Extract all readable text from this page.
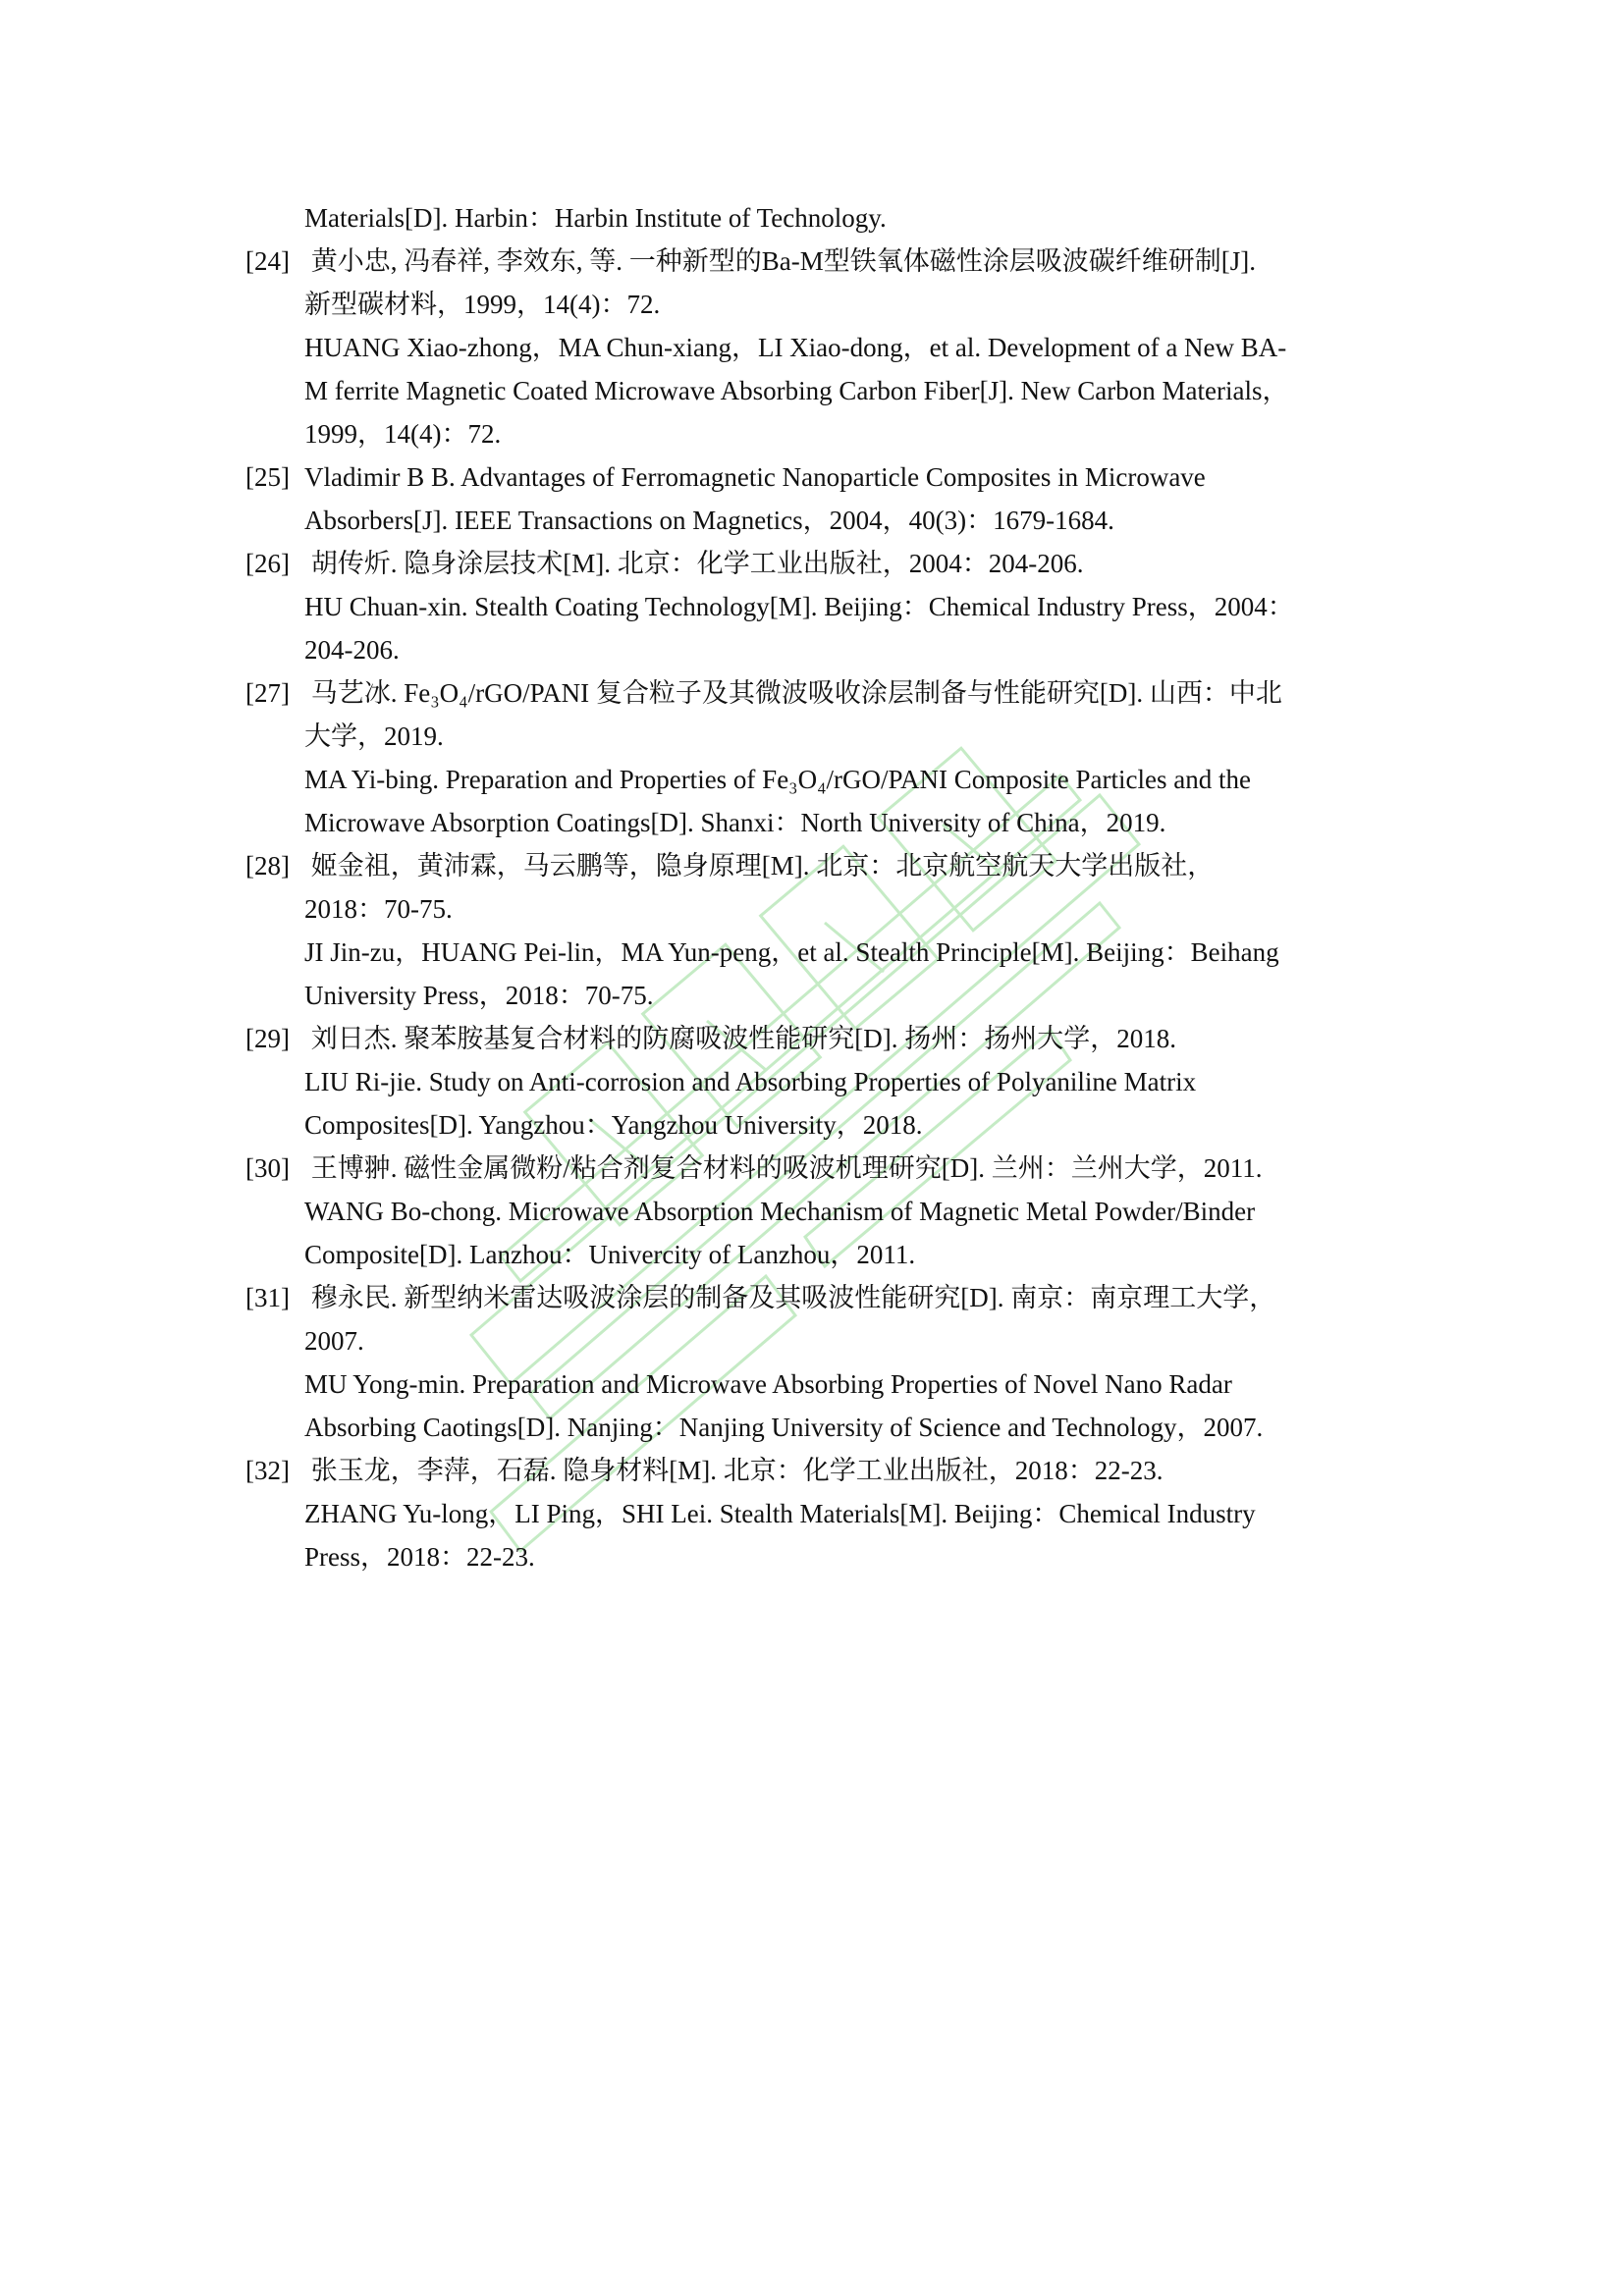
Materials[D]. Harbin：Harbin Institute of Technology.
[24] 黄小忠, 冯春祥, 李效东, 等. 一种新型的Ba-M型铁氧体磁性涂层吸波碳纤维研制[J].
新型碳材料，1999，14(4)：72.
HUANG Xiao-zhong，MA Chun-xiang，LI Xiao-dong，et al. Development of a New BA-
M ferrite Magnetic Coated Microwave Absorbing Carbon Fiber[J]. New Carbon Materials，
1999，14(4)：72.
[25] Vladimir B B. Advantages of Ferromagnetic Nanoparticle Composites in Microwave
Absorbers[J]. IEEE Transactions on Magnetics，2004，40(3)：1679-1684.
[26] 胡传炘. 隐身涂层技术[M]. 北京：化学工业出版社，2004：204-206.
HU Chuan-xin. Stealth Coating Technology[M]. Beijing：Chemical Industry Press，2004：
204-206.
[27] 马艺冰. Fe₃O₄/rGO/PANI 复合粒子及其微波吸收涂层制备与性能研究[D]. 山西：中北
大学，2019.
MA Yi-bing. Preparation and Properties of Fe₃O₄/rGO/PANI Composite Particles and the
Microwave Absorption Coatings[D]. Shanxi：North University of China，2019.
[28] 姬金祖，黄沛霖，马云鹏等，隐身原理[M]. 北京：北京航空航天大学出版社，
2018：70-75.
JI Jin-zu，HUANG Pei-lin，MA Yun-peng，et al. Stealth Principle[M]. Beijing：Beihang
University Press，2018：70-75.
[29] 刘日杰. 聚苯胺基复合材料的防腐吸波性能研究[D]. 扬州：扬州大学，2018.
LIU Ri-jie. Study on Anti-corrosion and Absorbing Properties of Polyaniline Matrix
Composites[D]. Yangzhou：Yangzhou University，2018.
[30] 王博翀. 磁性金属微粉/粘合剂复合材料的吸波机理研究[D]. 兰州：兰州大学，2011.
WANG Bo-chong. Microwave Absorption Mechanism of Magnetic Metal Powder/Binder
Composite[D]. Lanzhou：Univercity of Lanzhou，2011.
[31] 穆永民. 新型纳米雷达吸波涂层的制备及其吸波性能研究[D]. 南京：南京理工大学，
2007.
MU Yong-min. Preparation and Microwave Absorbing Properties of Novel Nano Radar
Absorbing Caotings[D]. Nanjing：Nanjing University of Science and Technology，2007.
[32] 张玉龙，李萍，石磊. 隐身材料[M]. 北京：化学工业出版社，2018：22-23.
ZHANG Yu-long，LI Ping，SHI Lei. Stealth Materials[M]. Beijing：Chemical Industry
Press，2018：22-23.
